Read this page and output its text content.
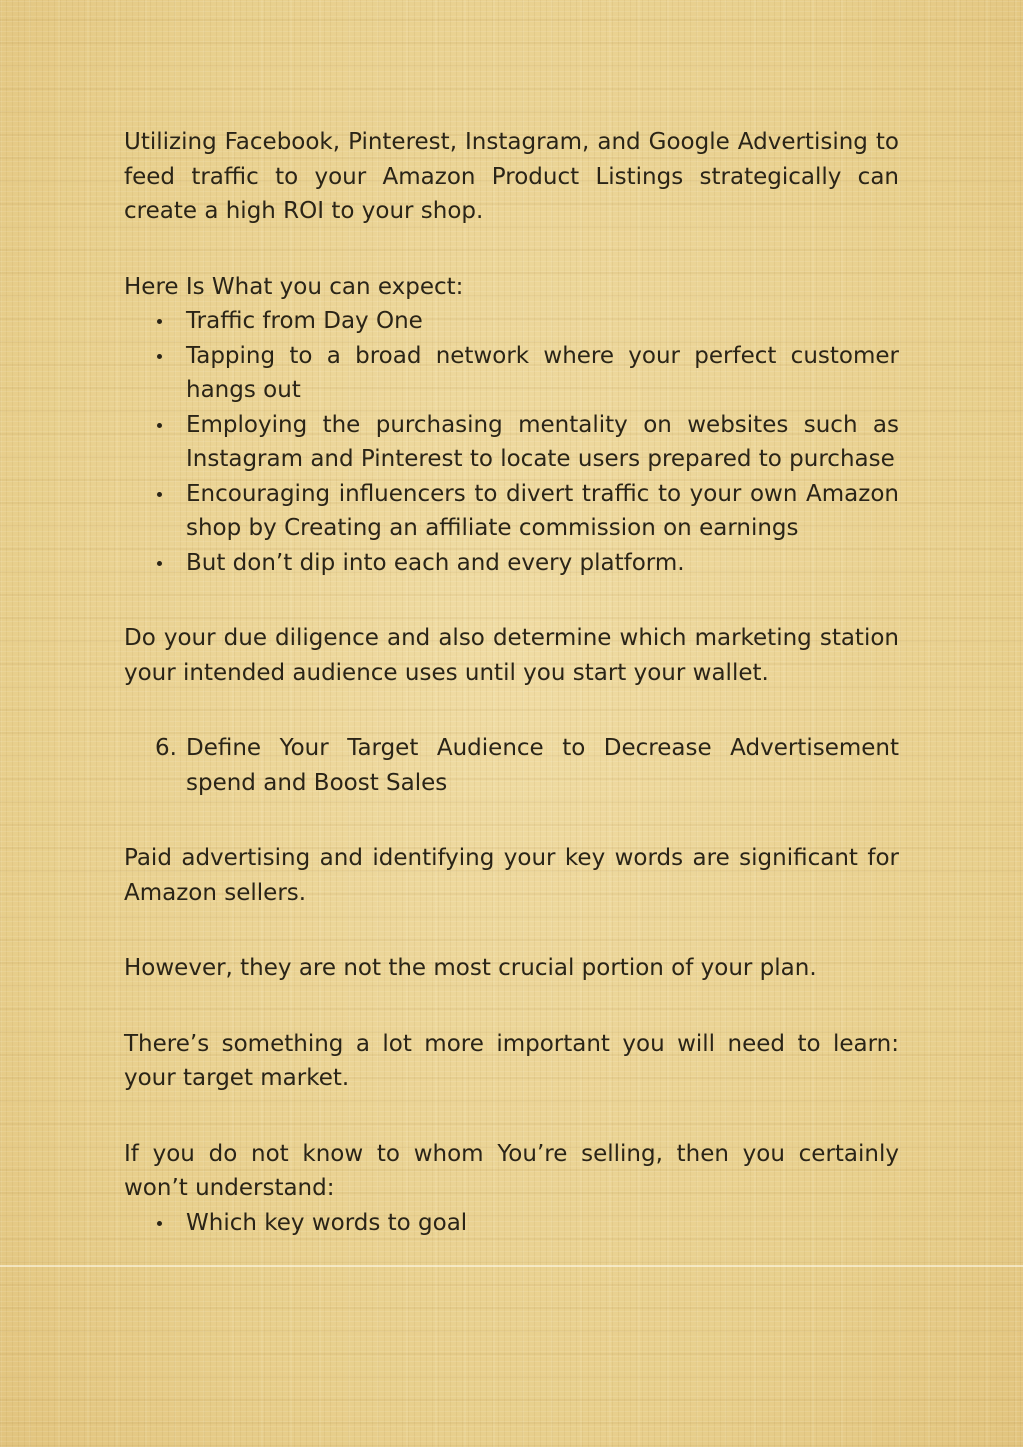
Utilizing Facebook, Pinterest, Instagram, and Google Advertising to feed traffic to your Amazon Product Listings strategically can create a high ROI to your shop.

Here Is What you can expect:

Traffic from Day One
Tapping to a broad network where your perfect customer hangs out
Employing the purchasing mentality on websites such as Instagram and Pinterest to locate users prepared to purchase
Encouraging influencers to divert traffic to your own Amazon shop by Creating an affiliate commission on earnings
But don’t dip into each and every platform.

Do your due diligence and also determine which marketing station your intended audience uses until you start your wallet.

6. Define Your Target Audience to Decrease Advertisement spend and Boost Sales

Paid advertising and identifying your key words are significant for Amazon sellers.

However, they are not the most crucial portion of your plan.

There’s something a lot more important you will need to learn: your target market.

If you do not know to whom You’re selling, then you certainly won’t understand:

Which key words to goal
